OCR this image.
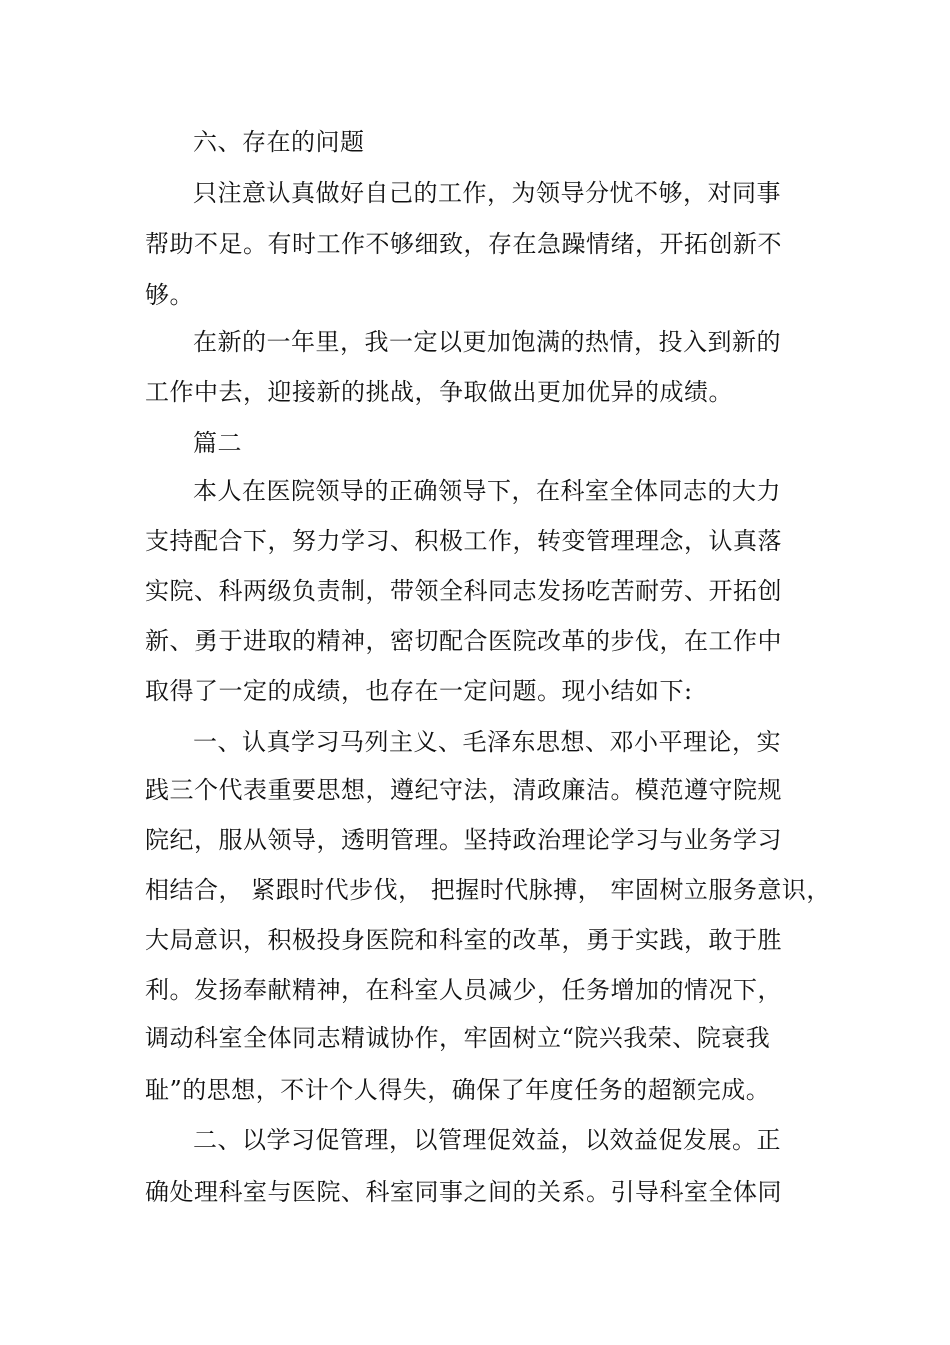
六、存在的问题
只注意认真做好自己的工作，为领导分忧不够，对同事
帮助不足。有时工作不够细致，存在急躁情绪，开拓创新不
够。
在新的一年里，我一定以更加饱满的热情，投入到新的
工作中去，迎接新的挑战，争取做出更加优异的成绩。
篇二
本人在医院领导的正确领导下，在科室全体同志的大力
支持配合下，努力学习、积极工作，转变管理理念，认真落
实院、科两级负责制，带领全科同志发扬吃苦耐劳、开拓创
新、勇于进取的精神，密切配合医院改革的步伐，在工作中
取得了一定的成绩，也存在一定问题。现小结如下:
一、认真学习马列主义、毛泽东思想、邓小平理论，实
践三个代表重要思想，遵纪守法，清政廉洁。模范遵守院规
院纪，服从领导，透明管理。坚持政治理论学习与业务学习
相结合， 紧跟时代步伐， 把握时代脉搏， 牢固树立服务意识，
大局意识，积极投身医院和科室的改革，勇于实践，敢于胜
利。发扬奉献精神，在科室人员减少，任务增加的情况下，
调动科室全体同志精诚协作，牢固树立“院兴我荣、院衰我
耻”的思想，不计个人得失，确保了年度任务的超额完成。
二、以学习促管理，以管理促效益，以效益促发展。正
确处理科室与医院、科室同事之间的关系。引导科室全体同
